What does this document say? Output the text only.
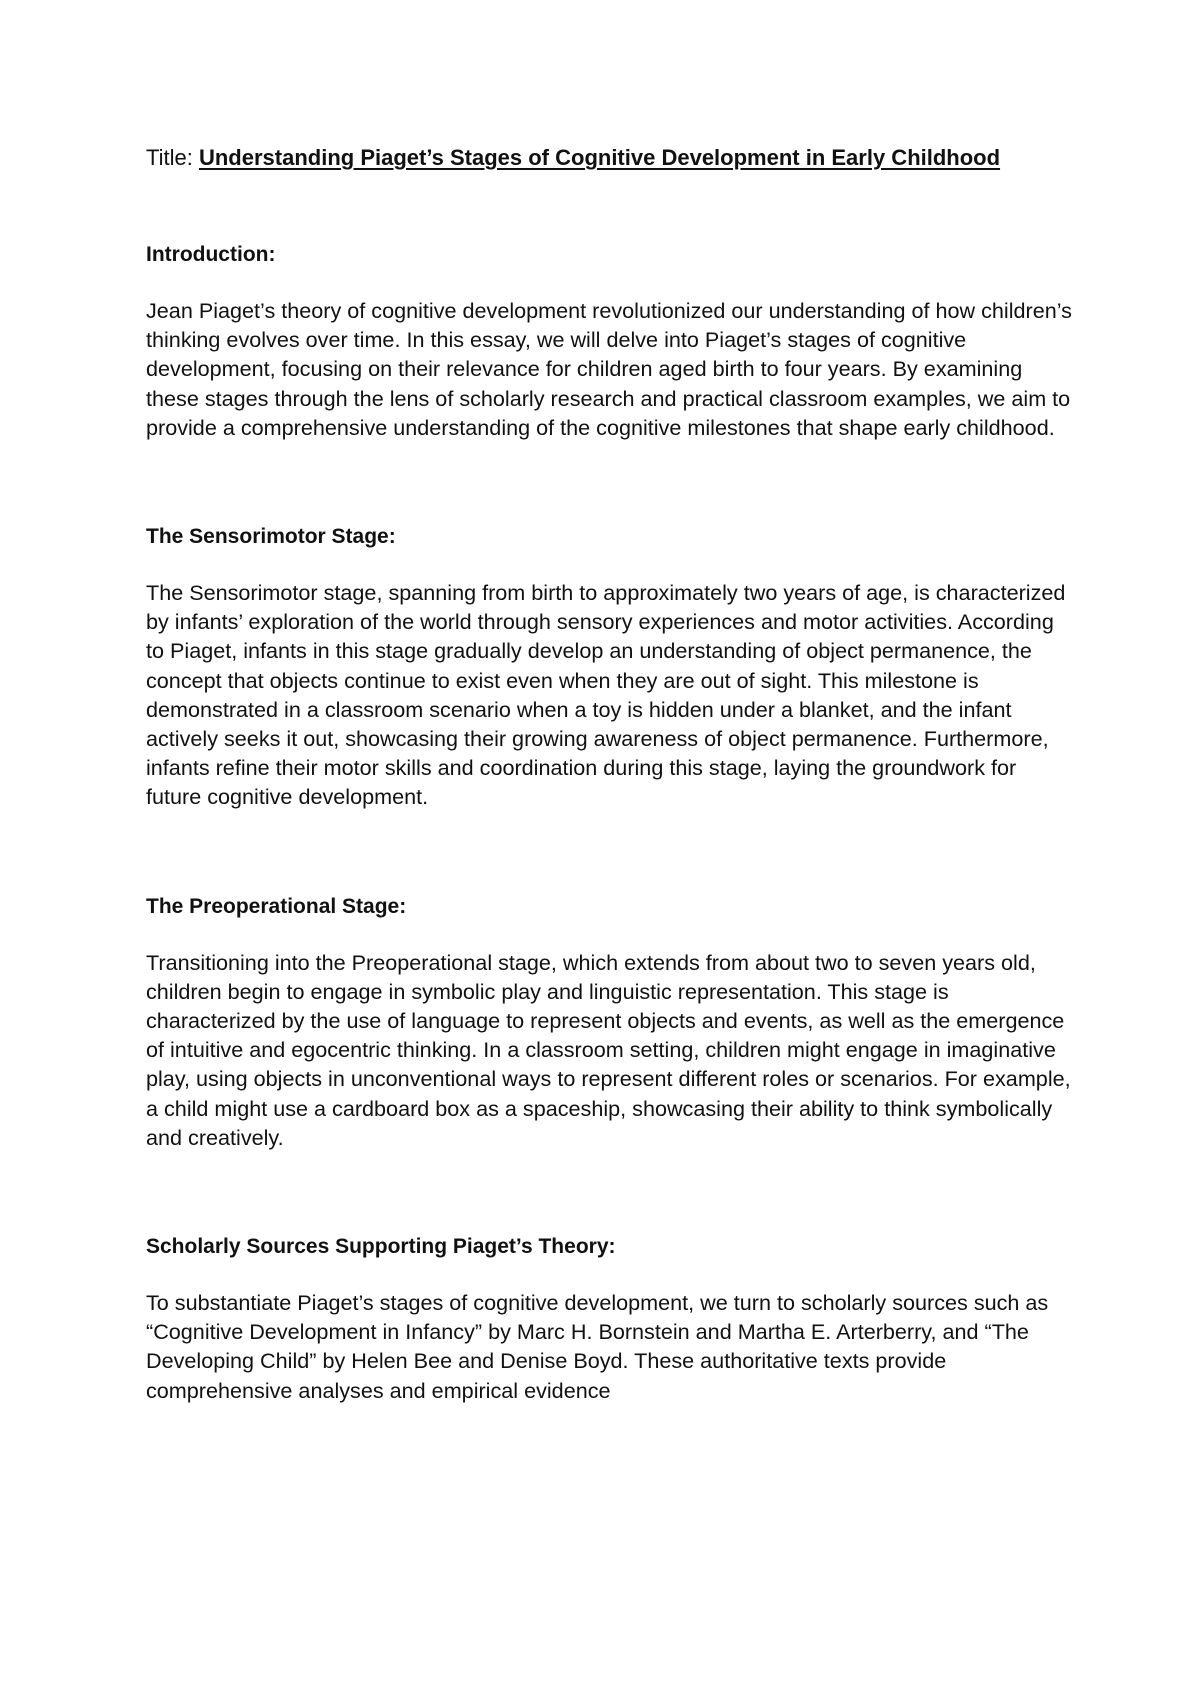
Title: Understanding Piaget’s Stages of Cognitive Development in Early Childhood

Introduction:

Jean Piaget’s theory of cognitive development revolutionized our understanding of how children’s thinking evolves over time. In this essay, we will delve into Piaget’s stages of cognitive development, focusing on their relevance for children aged birth to four years. By examining these stages through the lens of scholarly research and practical classroom examples, we aim to provide a comprehensive understanding of the cognitive milestones that shape early childhood.

The Sensorimotor Stage:

The Sensorimotor stage, spanning from birth to approximately two years of age, is characterized by infants’ exploration of the world through sensory experiences and motor activities. According to Piaget, infants in this stage gradually develop an understanding of object permanence, the concept that objects continue to exist even when they are out of sight. This milestone is demonstrated in a classroom scenario when a toy is hidden under a blanket, and the infant actively seeks it out, showcasing their growing awareness of object permanence. Furthermore, infants refine their motor skills and coordination during this stage, laying the groundwork for future cognitive development.

The Preoperational Stage:

Transitioning into the Preoperational stage, which extends from about two to seven years old, children begin to engage in symbolic play and linguistic representation. This stage is characterized by the use of language to represent objects and events, as well as the emergence of intuitive and egocentric thinking. In a classroom setting, children might engage in imaginative play, using objects in unconventional ways to represent different roles or scenarios. For example, a child might use a cardboard box as a spaceship, showcasing their ability to think symbolically and creatively.

Scholarly Sources Supporting Piaget’s Theory:

To substantiate Piaget’s stages of cognitive development, we turn to scholarly sources such as “Cognitive Development in Infancy” by Marc H. Bornstein and Martha E. Arterberry, and “The Developing Child” by Helen Bee and Denise Boyd. These authoritative texts provide comprehensive analyses and empirical evidence
